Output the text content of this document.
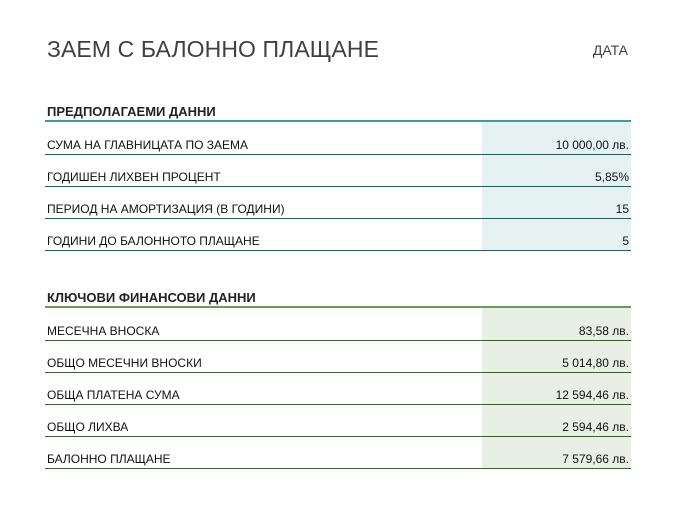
ЗАЕМ С БАЛОННО ПЛАЩАНЕ	ДАТА
ПРЕДПОЛАГАЕМИ ДАННИ
СУМА НА ГЛАВНИЦАТА ПО ЗАЕМА	10 000,00 лв.
ГОДИШЕН ЛИХВЕН ПРОЦЕНТ	5,85%
ПЕРИОД НА АМОРТИЗАЦИЯ (В ГОДИНИ)	15
ГОДИНИ ДО БАЛОННОТО ПЛАЩАНЕ	5
КЛЮЧОВИ ФИНАНСОВИ ДАННИ
МЕСЕЧНА ВНОСКА	83,58 лв.
ОБЩО МЕСЕЧНИ ВНОСКИ	5 014,80 лв.
ОБЩА ПЛАТЕНА СУМА	12 594,46 лв.
ОБЩО ЛИХВА	2 594,46 лв.
БАЛОННО ПЛАЩАНЕ	7 579,66 лв.
